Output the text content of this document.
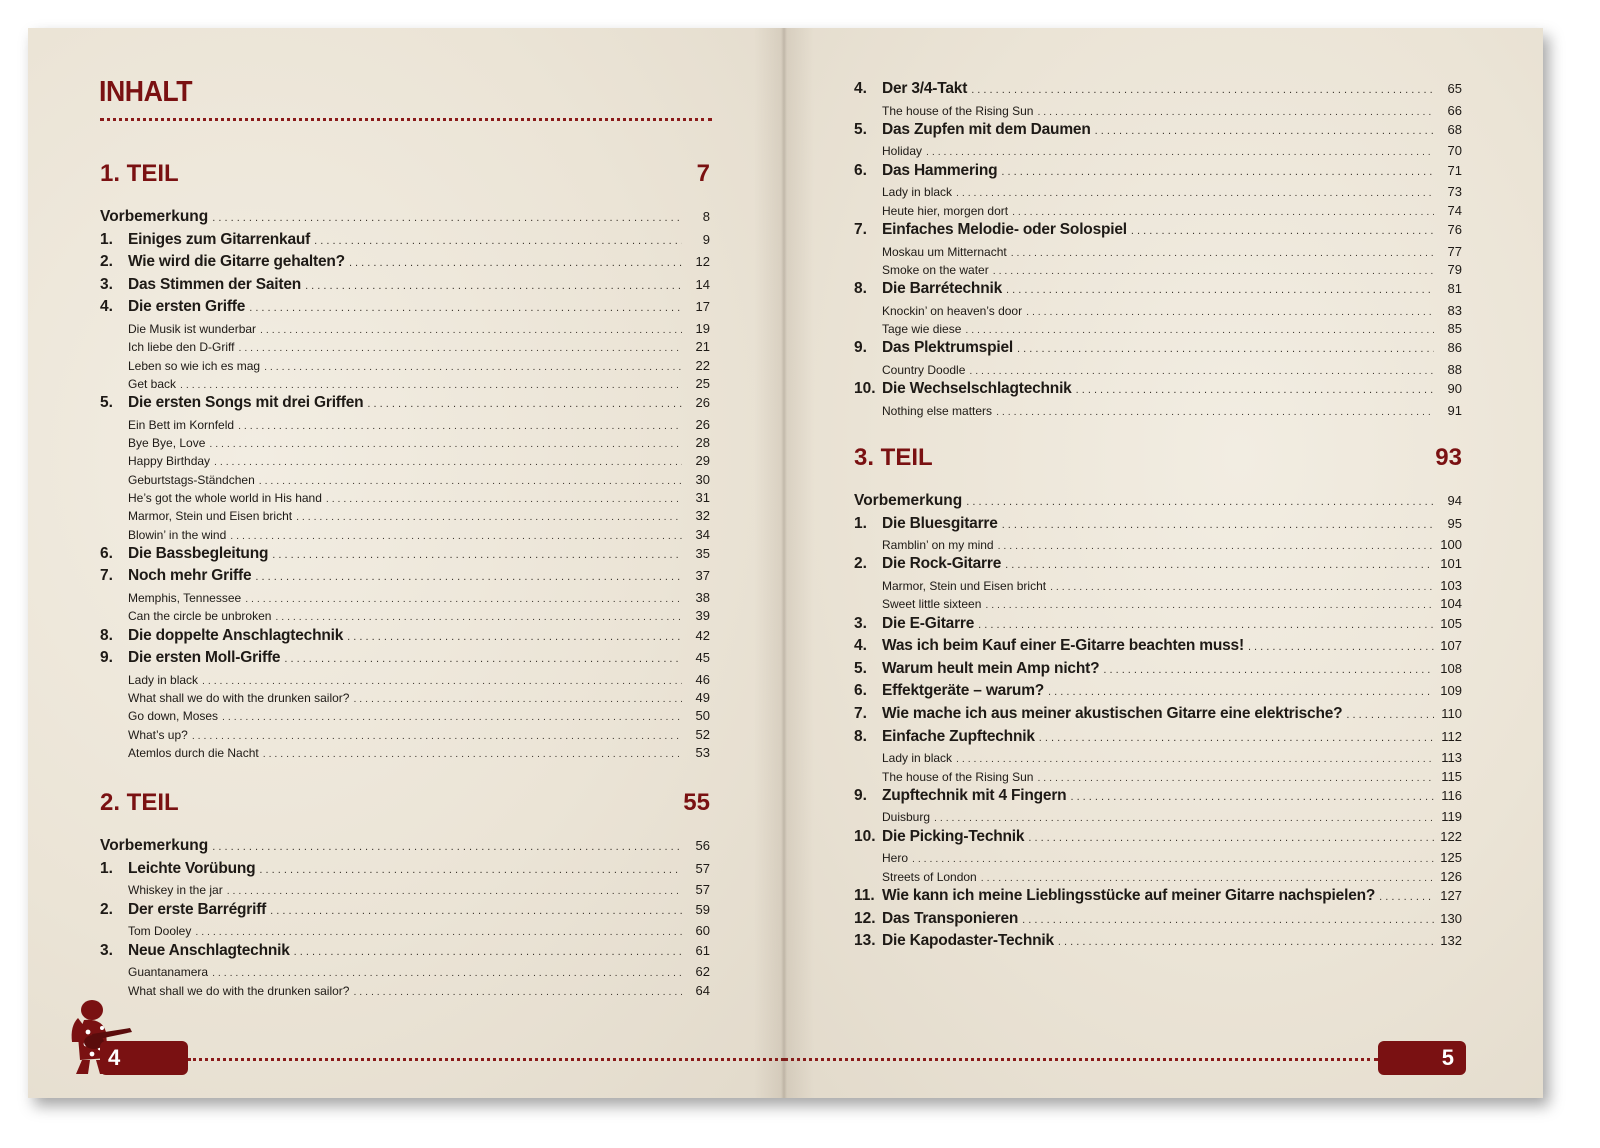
INHALT
1. TEIL	7
Vorbemerkung . . .	8
1. Einiges zum Gitarrenkauf . . .	9
2. Wie wird die Gitarre gehalten? . . .	12
3. Das Stimmen der Saiten . . .	14
4. Die ersten Griffe . . .	17
Die Musik ist wunderbar . . .	19
Ich liebe den D-Griff . . .	21
Leben so wie ich es mag . . .	22
Get back . . .	25
5. Die ersten Songs mit drei Griffen . . .	26
Ein Bett im Kornfeld . . .	26
Bye Bye, Love . . .	28
Happy Birthday . . .	29
Geburtstags-Ständchen . . .	30
He’s got the whole world in His hand . . .	31
Marmor, Stein und Eisen bricht . . .	32
Blowin’ in the wind . . .	34
6. Die Bassbegleitung . . .	35
7. Noch mehr Griffe . . .	37
Memphis, Tennessee . . .	38
Can the circle be unbroken . . .	39
8. Die doppelte Anschlagtechnik . . .	42
9. Die ersten Moll-Griffe . . .	45
Lady in black . . .	46
What shall we do with the drunken sailor? . . .	49
Go down, Moses . . .	50
What’s up? . . .	52
Atemlos durch die Nacht . . .	53
2. TEIL	55
Vorbemerkung . . .	56
1. Leichte Vorübung . . .	57
Whiskey in the jar . . .	57
2. Der erste Barrégriff . . .	59
Tom Dooley . . .	60
3. Neue Anschlagtechnik . . .	61
Guantanamera . . .	62
What shall we do with the drunken sailor? . . .	64
4
4. Der 3/4-Takt . . .	65
The house of the Rising Sun . . .	66
5. Das Zupfen mit dem Daumen . . .	68
Holiday . . .	70
6. Das Hammering . . .	71
Lady in black . . .	73
Heute hier, morgen dort . . .	74
7. Einfaches Melodie- oder Solospiel . . .	76
Moskau um Mitternacht . . .	77
Smoke on the water . . .	79
8. Die Barrétechnik . . .	81
Knockin’ on heaven’s door . . .	83
Tage wie diese . . .	85
9. Das Plektrumspiel . . .	86
Country Doodle . . .	88
10. Die Wechselschlagtechnik . . .	90
Nothing else matters . . .	91
3. TEIL	93
Vorbemerkung . . .	94
1. Die Bluesgitarre . . .	95
Ramblin’ on my mind . . .	100
2. Die Rock-Gitarre . . .	101
Marmor, Stein und Eisen bricht . . .	103
Sweet little sixteen . . .	104
3. Die E-Gitarre . . .	105
4. Was ich beim Kauf einer E-Gitarre beachten muss! . . .	107
5. Warum heult mein Amp nicht? . . .	108
6. Effektgeräte – warum? . . .	109
7. Wie mache ich aus meiner akustischen Gitarre eine elektrische? . . .	110
8. Einfache Zupftechnik . . .	112
Lady in black . . .	113
The house of the Rising Sun . . .	115
9. Zupftechnik mit 4 Fingern . . .	116
Duisburg . . .	119
10. Die Picking-Technik . . .	122
Hero . . .	125
Streets of London . . .	126
11. Wie kann ich meine Lieblingsstücke auf meiner Gitarre nachspielen? . . .	127
12. Das Transponieren . . .	130
13. Die Kapodaster-Technik . . .	132
5
